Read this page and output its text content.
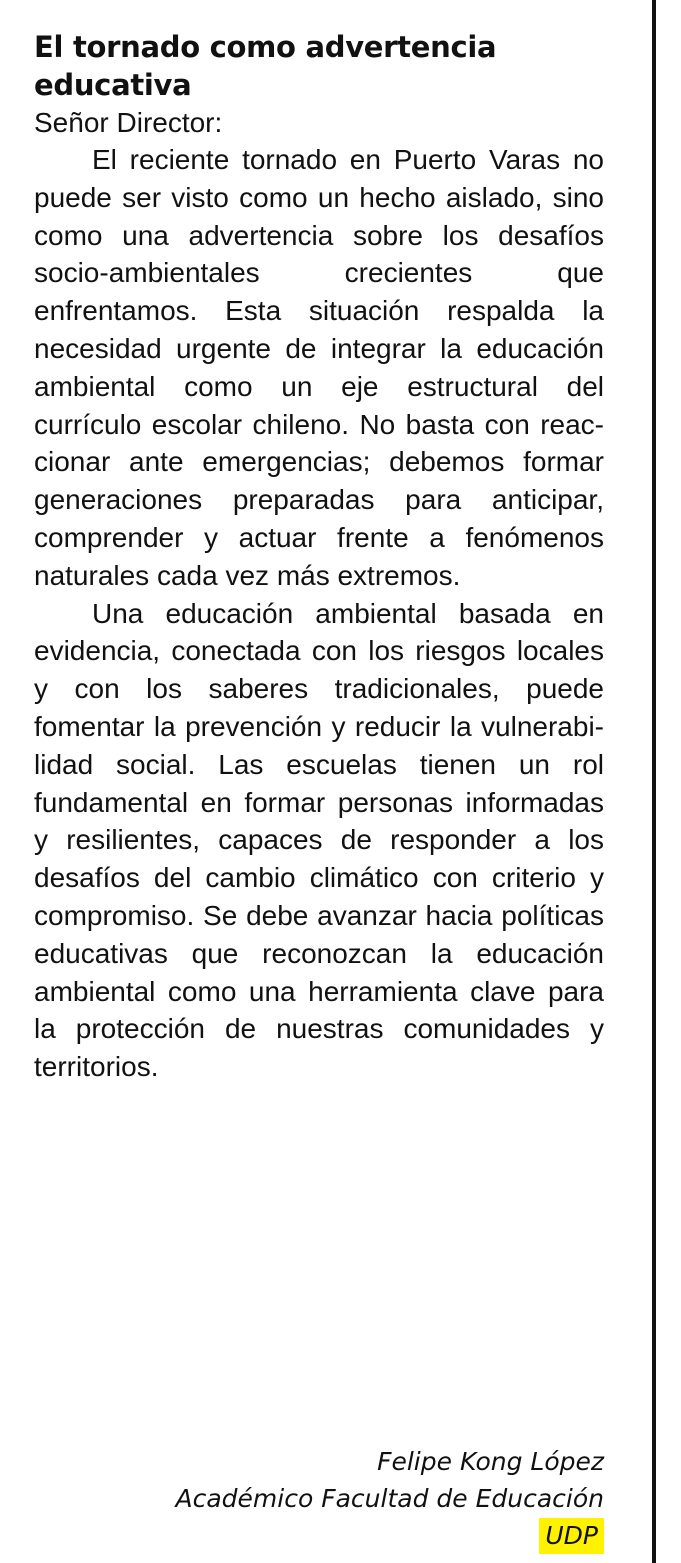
El tornado como advertencia educativa

Señor Director:

El reciente tornado en Puerto Varas no puede ser visto como un hecho aislado, sino como una advertencia sobre los desafíos socio-ambientales crecientes que enfrentamos. Esta situación respalda la necesidad urgente de integrar la educación ambiental como un eje estructural del currículo escolar chileno. No basta con reaccionar ante emergencias; debemos formar generaciones preparadas para anticipar, comprender y actuar frente a fenómenos naturales cada vez más extremos.

Una educación ambiental basada en evidencia, conectada con los riesgos locales y con los saberes tradicionales, puede fomentar la prevención y reducir la vulnerabilidad social. Las escuelas tienen un rol fundamental en formar personas informadas y resilientes, capaces de responder a los desafíos del cambio climático con criterio y compromiso. Se debe avanzar hacia políticas educativas que reconozcan la educación ambiental como una herramienta clave para la protección de nuestras comunidades y territorios.

Felipe Kong López
Académico Facultad de Educación
UDP
